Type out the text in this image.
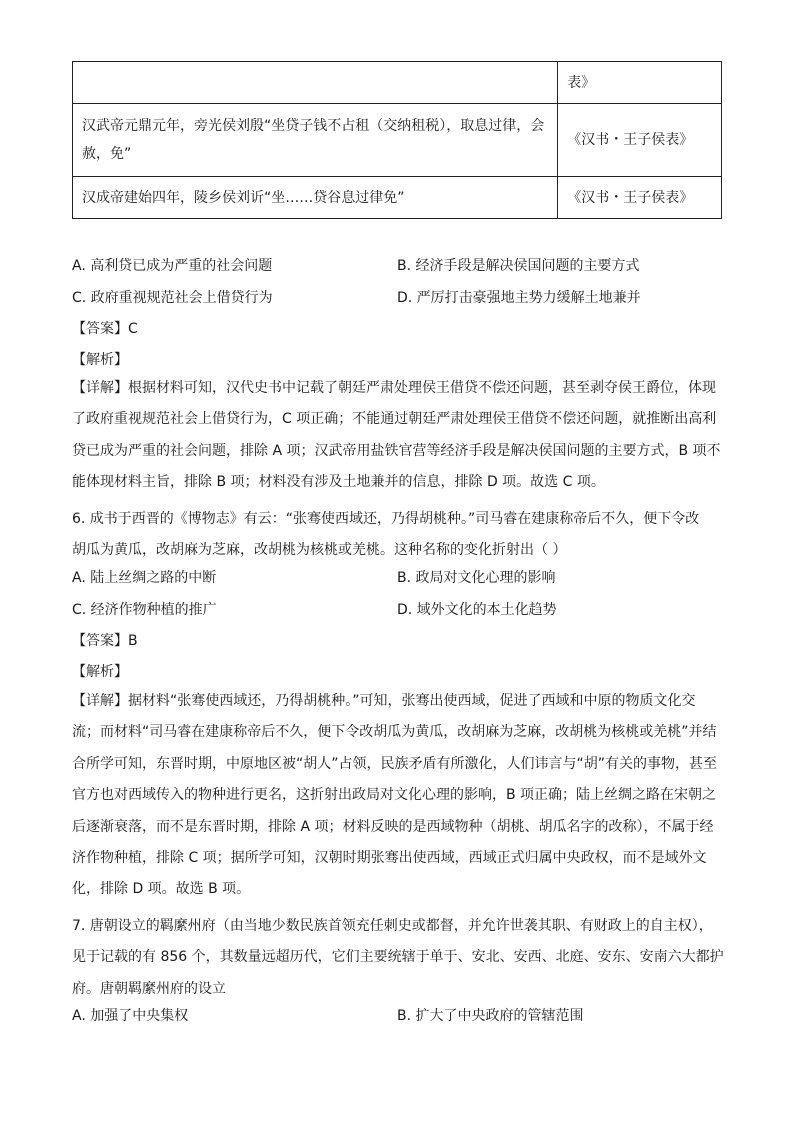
	表》
汉武帝元鼎元年，旁光侯刘殷“坐贷子钱不占租（交纳租税），取息过律，会赦，免”	《汉书・王子侯表》
汉成帝建始四年，陵乡侯刘䜣“坐……贷谷息过律免”	《汉书・王子侯表》
A. 高利贷已成为严重的社会问题	B. 经济手段是解决侯国问题的主要方式
C. 政府重视规范社会上借贷行为	D. 严厉打击豪强地主势力缓解土地兼并
【答案】C
【解析】
【详解】根据材料可知，汉代史书中记载了朝廷严肃处理侯王借贷不偿还问题，甚至剥夺侯王爵位，体现
了政府重视规范社会上借贷行为，C 项正确；不能通过朝廷严肃处理侯王借贷不偿还问题，就推断出高利
贷已成为严重的社会问题，排除 A 项；汉武帝用盐铁官营等经济手段是解决侯国问题的主要方式，B 项不
能体现材料主旨，排除 B 项；材料没有涉及土地兼并的信息，排除 D 项。故选 C 项。
6. 成书于西晋的《博物志》有云：“张骞使西域还，乃得胡桃种。”司马睿在建康称帝后不久，便下令改
胡瓜为黄瓜，改胡麻为芝麻，改胡桃为核桃或羌桃。这种名称的变化折射出（ ）
A. 陆上丝绸之路的中断	B. 政局对文化心理的影响
C. 经济作物种植的推广	D. 域外文化的本土化趋势
【答案】B
【解析】
【详解】据材料“张骞使西域还，乃得胡桃种。”可知，张骞出使西域，促进了西域和中原的物质文化交
流；而材料“司马睿在建康称帝后不久，便下令改胡瓜为黄瓜，改胡麻为芝麻，改胡桃为核桃或羌桃”并结
合所学可知，东晋时期，中原地区被“胡人”占领，民族矛盾有所激化，人们讳言与“胡”有关的事物，甚至
官方也对西域传入的物种进行更名，这折射出政局对文化心理的影响，B 项正确；陆上丝绸之路在宋朝之
后逐渐衰落，而不是东晋时期，排除 A 项；材料反映的是西域物种（胡桃、胡瓜名字的改称），不属于经
济作物种植，排除 C 项；据所学可知，汉朝时期张骞出使西域，西域正式归属中央政权，而不是域外文
化，排除 D 项。故选 B 项。
7. 唐朝设立的羁縻州府（由当地少数民族首领充任刺史或都督，并允许世袭其职、有财政上的自主权），
见于记载的有 856 个，其数量远超历代，它们主要统辖于单于、安北、安西、北庭、安东、安南六大都护
府。唐朝羁縻州府的设立
A. 加强了中央集权	B. 扩大了中央政府的管辖范围
